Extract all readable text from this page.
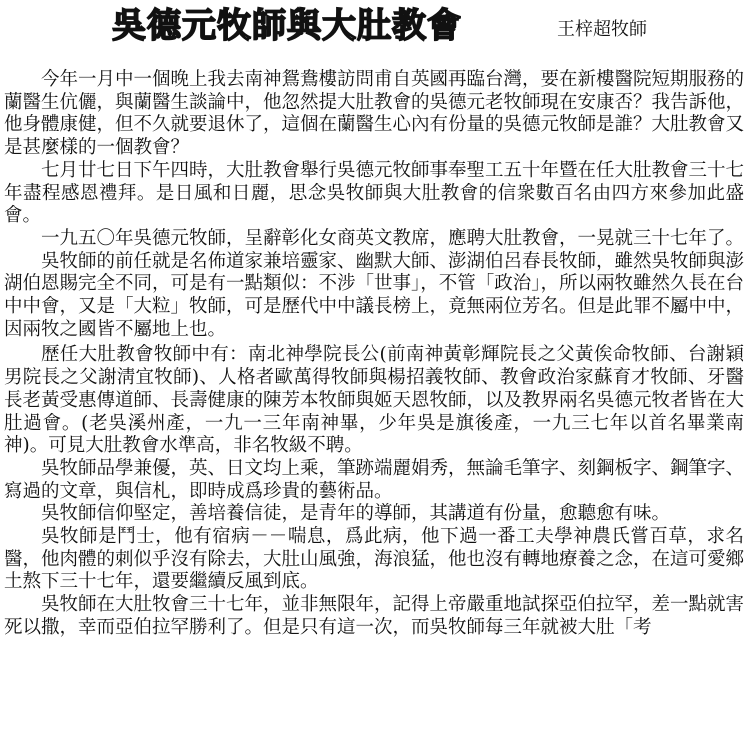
吳德元牧師與大肚教會	王梓超牧師

今年一月中一個晚上我去南神鴛鴦樓訪問甫自英國再臨台灣，要在新樓醫院短期服務的蘭醫生伉儷，與蘭醫生談論中，他忽然提大肚教會的吳德元老牧師現在安康否？我告訴他，他身體康健，但不久就要退休了，這個在蘭醫生心內有份量的吳德元牧師是誰？大肚教會又是甚麼樣的一個教會？

七月廿七日下午四時，大肚教會舉行吳德元牧師事奉聖工五十年暨在任大肚教會三十七年盡程感恩禮拜。是日風和日麗，思念吳牧師與大肚教會的信衆數百名由四方來參加此盛會。

一九五〇年吳德元牧師，呈辭彰化女商英文教席，應聘大肚教會，一晃就三十七年了。

吳牧師的前任就是名佈道家兼培靈家、幽默大師、澎湖伯呂春長牧師，雖然吳牧師與澎湖伯恩賜完全不同，可是有一點類似：不涉「世事」，不管「政治」，所以兩牧雖然久長在台中中會，又是「大粒」牧師，可是歷代中中議長榜上，竟無兩位芳名。但是此罪不屬中中，因兩牧之國皆不屬地上也。

歷任大肚教會牧師中有：南北神學院長公(前南神黃彰輝院長之父黃俟命牧師、台謝穎男院長之父謝淸宜牧師)、人格者歐萬得牧師與楊招義牧師、教會政治家蘇育才牧師、牙醫長老黃受惠傳道師、長壽健康的陳芳本牧師與姬天恩牧師，以及教界兩名吳德元牧者皆在大肚過會。(老吳溪州產，一九一三年南神畢，少年吳是旗後產，一九三七年以首名畢業南神)。可見大肚教會水準高，非名牧級不聘。

吳牧師品學兼優，英、日文均上乘，筆跡端麗娟秀，無論毛筆字、刻鋼板字、鋼筆字、寫過的文章，與信札，即時成爲珍貴的藝術品。

吳牧師信仰堅定，善培養信徒，是青年的導師，其講道有份量，愈聽愈有味。

吳牧師是鬥士，他有宿病－－喘息，爲此病，他下過一番工夫學神農氏嘗百草，求名醫，他肉體的刺似乎沒有除去，大肚山風強，海浪猛，他也沒有轉地療養之念，在這可愛鄉土熬下三十七年，還要繼續反風到底。

吳牧師在大肚牧會三十七年，並非無限年，記得上帝嚴重地試探亞伯拉罕，差一點就害死以撒，幸而亞伯拉罕勝利了。但是只有這一次，而吳牧師每三年就被大肚「考
